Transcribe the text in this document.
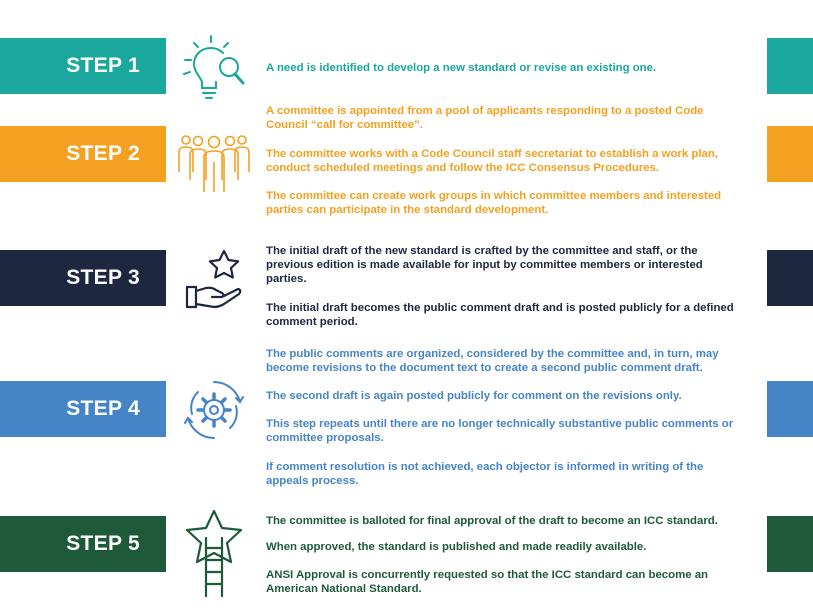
STEP 1	A need is identified to develop a new standard or revise an existing one.

STEP 2

A committee is appointed from a pool of applicants responding to a posted Code Council “call for committee”.

The committee works with a Code Council staff secretariat to establish a work plan, conduct scheduled meetings and follow the ICC Consensus Procedures.

The committee can create work groups in which committee members and interested parties can participate in the standard development.

STEP 3

The initial draft of the new standard is crafted by the committee and staff, or the previous edition is made available for input by committee members or interested parties.

The initial draft becomes the public comment draft and is posted publicly for a defined comment period.

STEP 4

The public comments are organized, considered by the committee and, in turn, may become revisions to the document text to create a second public comment draft.

The second draft is again posted publicly for comment on the revisions only.

This step repeats until there are no longer technically substantive public comments or committee proposals.

If comment resolution is not achieved, each objector is informed in writing of the appeals process.

STEP 5

The committee is balloted for final approval of the draft to become an ICC standard.

When approved, the standard is published and made readily available.

ANSI Approval is concurrently requested so that the ICC standard can become an American National Standard.
